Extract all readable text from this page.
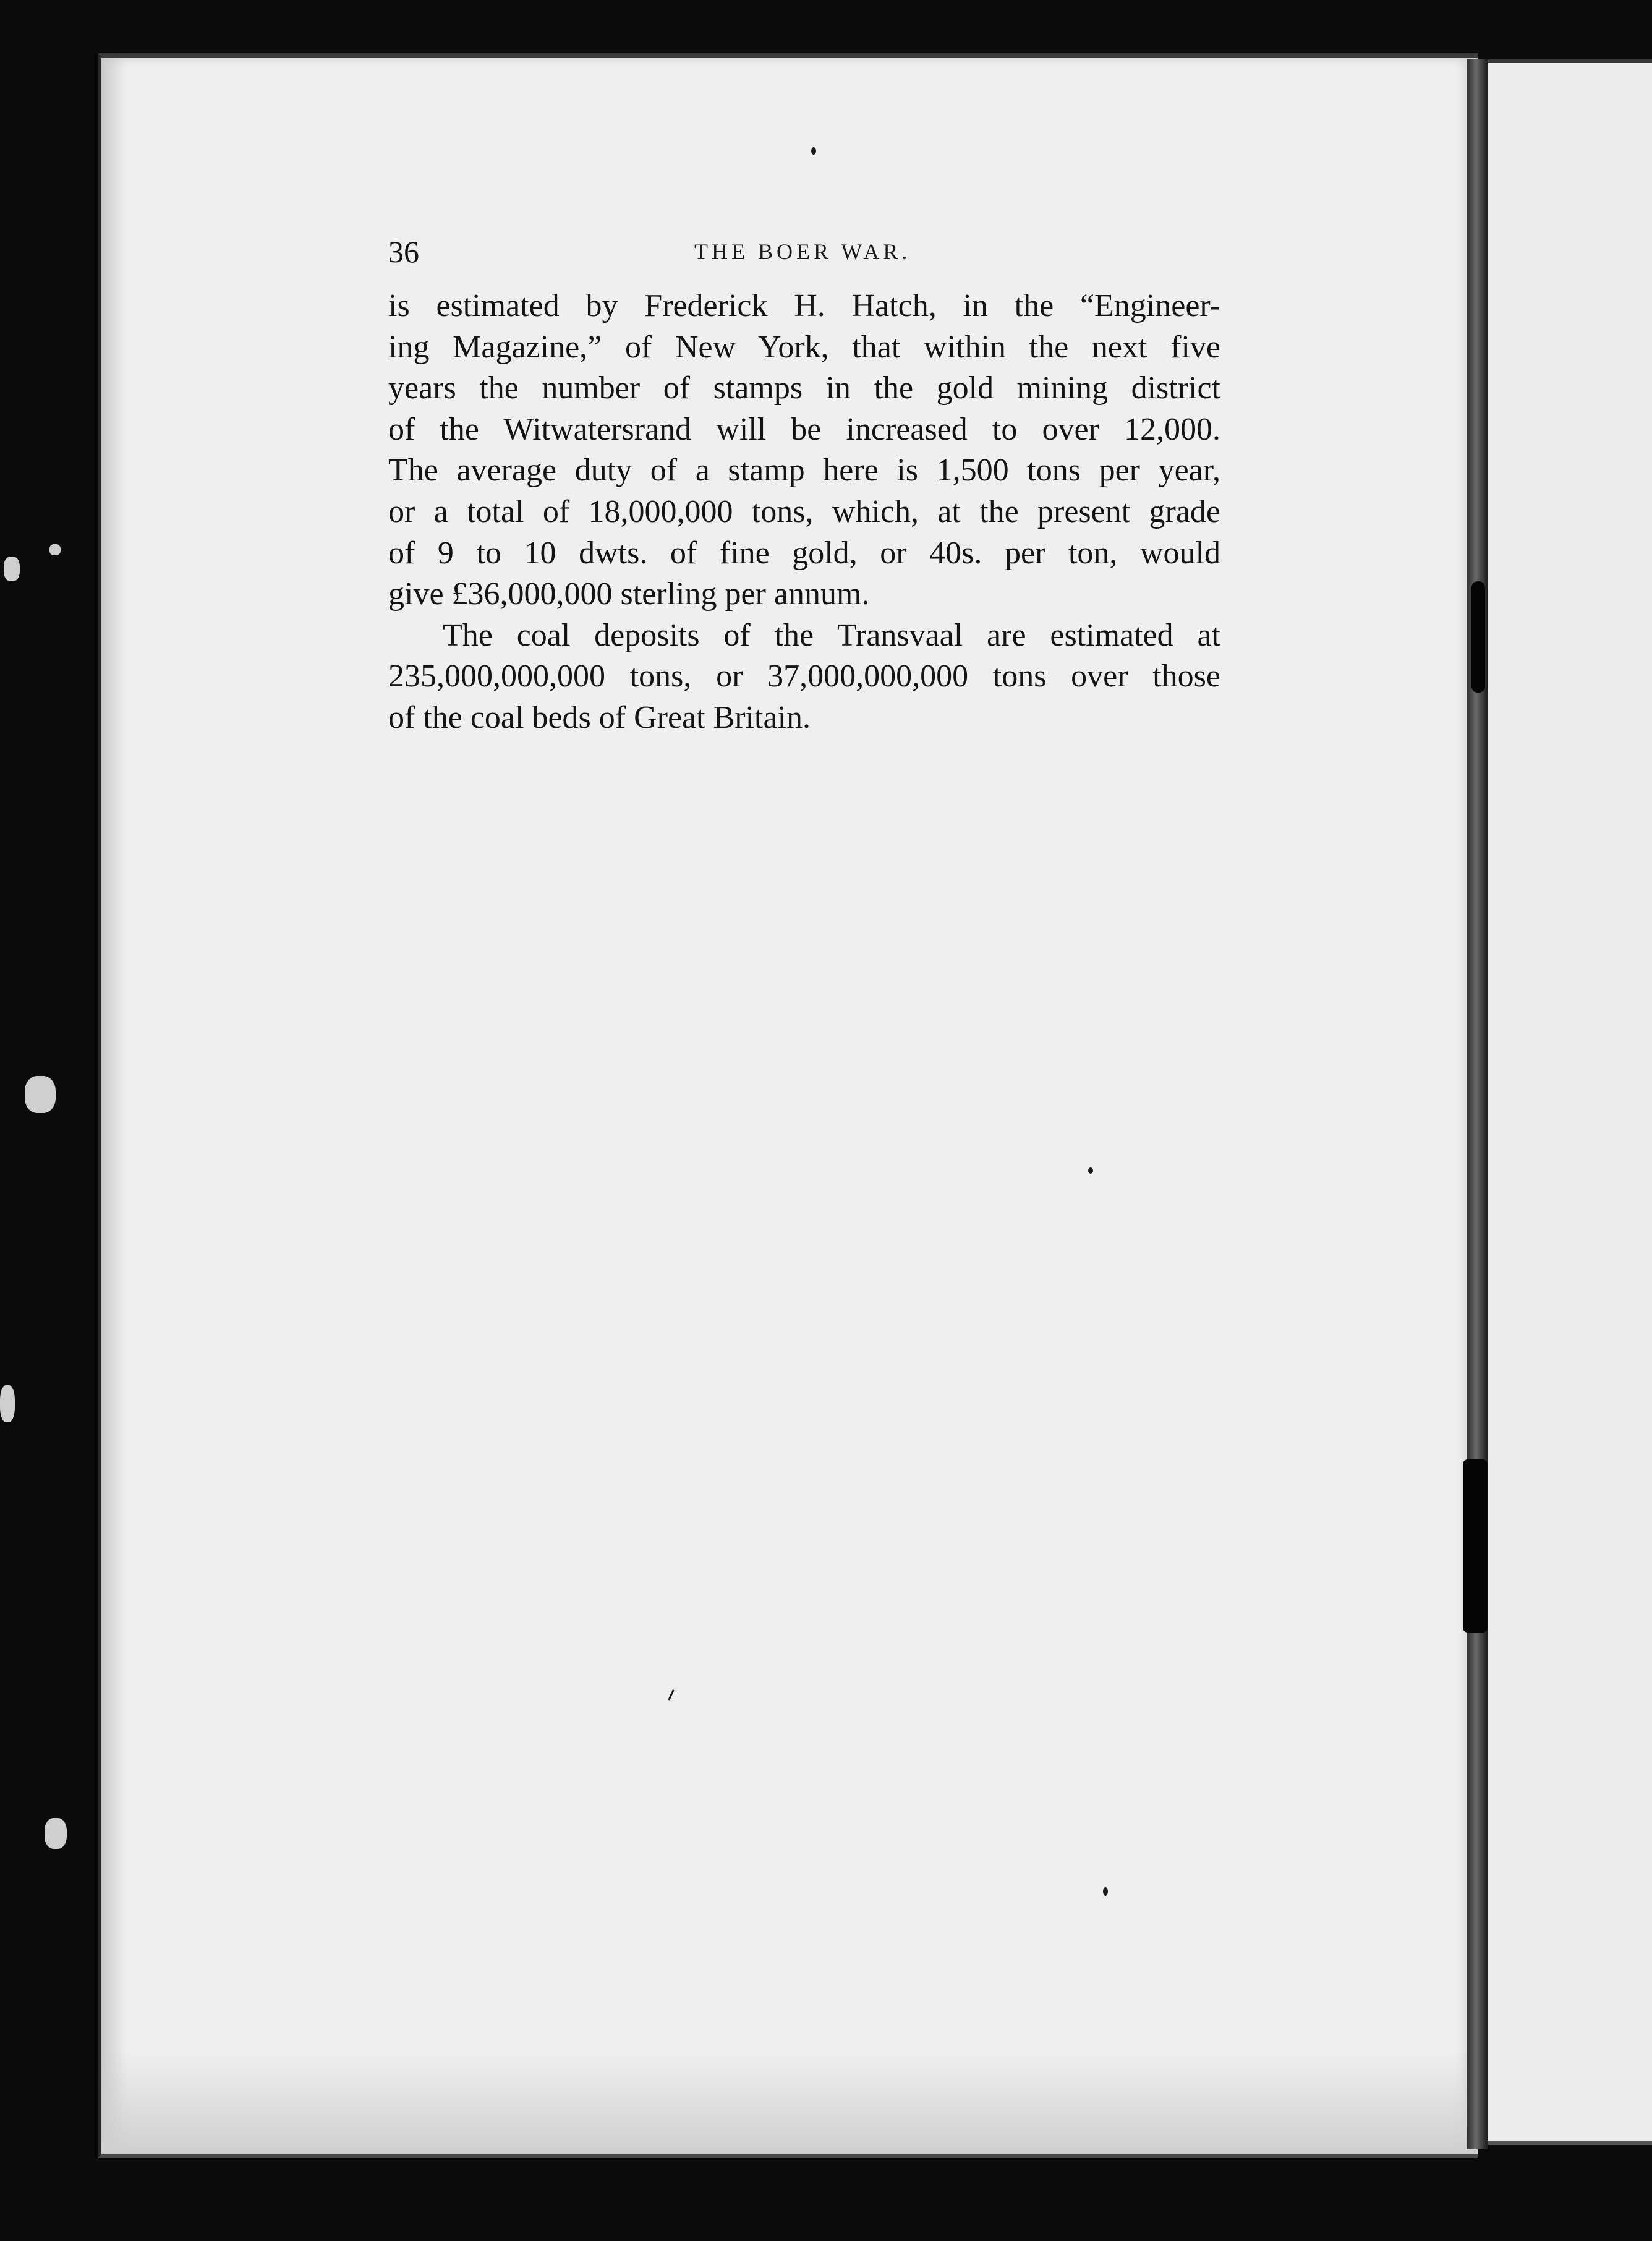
36	THE BOER WAR.
is estimated by Frederick H. Hatch, in the “Engineer-
ing Magazine,” of New York, that within the next five
years the number of stamps in the gold mining district
of the Witwatersrand will be increased to over 12,000.
The average duty of a stamp here is 1,500 tons per year,
or a total of 18,000,000 tons, which, at the present grade
of 9 to 10 dwts. of fine gold, or 40s. per ton, would
give £36,000,000 sterling per annum.
The coal deposits of the Transvaal are estimated at
235,000,000,000 tons, or 37,000,000,000 tons over those
of the coal beds of Great Britain.
